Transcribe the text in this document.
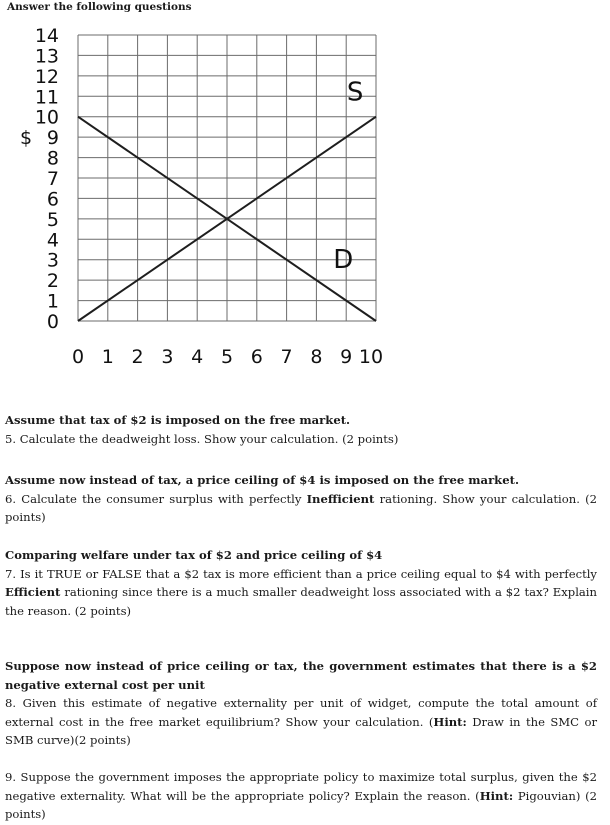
Answer the following questions
0
1
2
3
4
5
6
7
8
9
10
11
12
13
14
0 1 2 3 4 5 6 7 8 9 10
$
S
D
Assume that tax of $2 is imposed on the free market.
5. Calculate the deadweight loss. Show your calculation. (2 points)
Assume now instead of tax, a price ceiling of $4 is imposed on the free market.
6. Calculate the consumer surplus with perfectly Inefficient rationing. Show your calculation. (2 points)
Comparing welfare under tax of $2 and price ceiling of $4
7. Is it TRUE or FALSE that a $2 tax is more efficient than a price ceiling equal to $4 with perfectly Efficient rationing since there is a much smaller deadweight loss associated with a $2 tax? Explain the reason. (2 points)
Suppose now instead of price ceiling or tax, the government estimates that there is a $2 negative external cost per unit
8. Given this estimate of negative externality per unit of widget, compute the total amount of external cost in the free market equilibrium? Show your calculation. (Hint: Draw in the SMC or SMB curve)(2 points)
9. Suppose the government imposes the appropriate policy to maximize total surplus, given the $2 negative externality. What will be the appropriate policy? Explain the reason. (Hint: Pigouvian) (2 points)
